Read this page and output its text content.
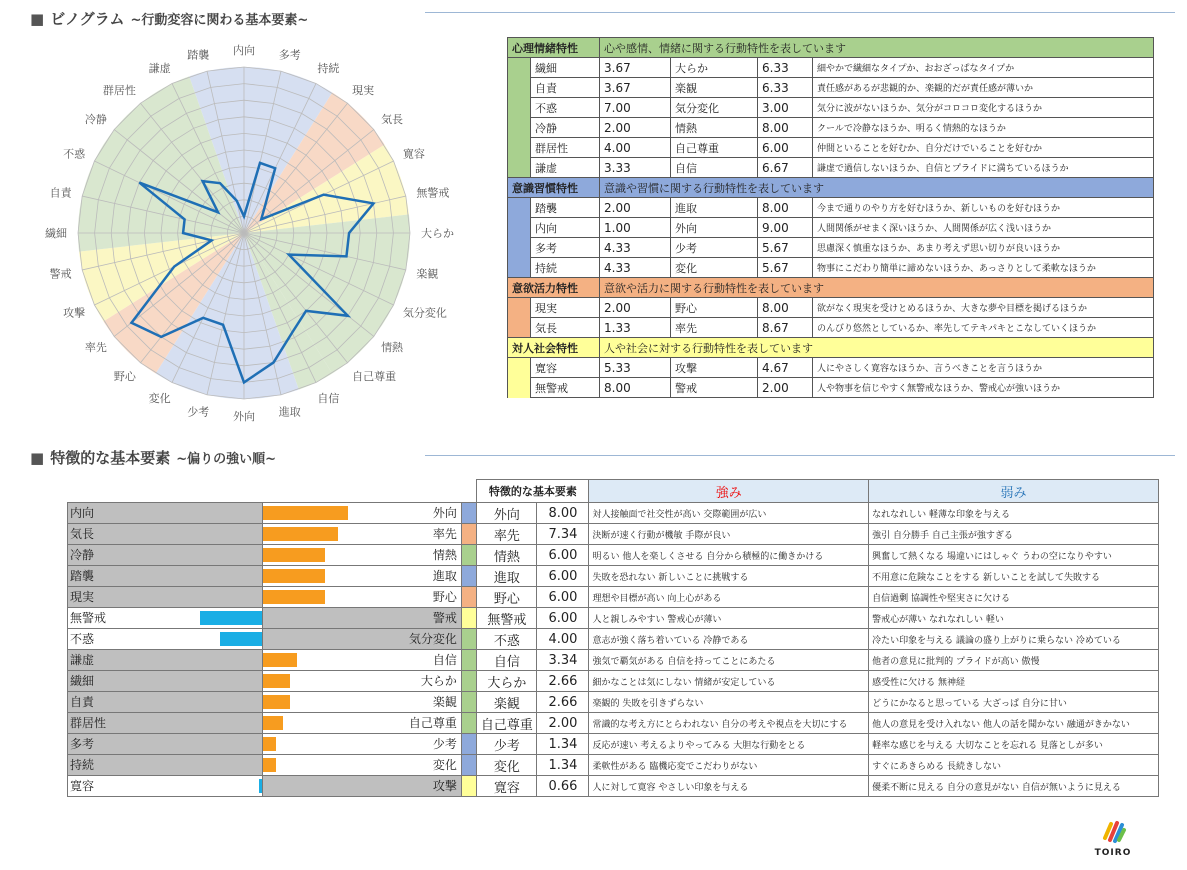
■ ビノグラム ~行動変容に関わる基本要素~
内向 多考
持続
現実
気長
寛容
無警戒
大らか
楽観
気分変化
情熱
自己尊重
自信
進取
外向
少考
変化
野心
率先
攻撃
警戒
繊細
自責
不惑
冷静
群居性
謙虚
踏襲
心理情緒特性		心や感情、情緒に関する行動特性を表しています			
	繊細	3.67	大らか	6.33	細やかで繊細なタイプか、おおざっぱなタイプか
	自責	3.67	楽観	6.33	責任感があるが悲観的か、楽観的だが責任感が薄いか
	不惑	7.00	気分変化	3.00	気分に波がないほうか、気分がコロコロ変化するほうか
	冷静	2.00	情熱	8.00	クールで冷静なほうか、明るく情熱的なほうか
	群居性	4.00	自己尊重	6.00	仲間といることを好むか、自分だけでいることを好むか
	謙虚	3.33	自信	6.67	謙虚で過信しないほうか、自信とプライドに満ちているほうか
意識習慣特性		意識や習慣に関する行動特性を表しています			
	踏襲	2.00	進取	8.00	今まで通りのやり方を好むほうか、新しいものを好むほうか
	内向	1.00	外向	9.00	人間関係がせまく深いほうか、人間関係が広く浅いほうか
	多考	4.33	少考	5.67	思慮深く慎重なほうか、あまり考えず思い切りが良いほうか
	持続	4.33	変化	5.67	物事にこだわり簡単に諦めないほうか、あっさりとして柔軟なほうか
意欲活力特性		意欲や活力に関する行動特性を表しています			
	現実	2.00	野心	8.00	欲がなく現実を受けとめるほうか、大きな夢や目標を掲げるほうか
	気長	1.33	率先	8.67	のんびり悠然としているか、率先してテキパキとこなしていくほうか
対人社会特性		人や社会に対する行動特性を表しています			
	寛容	5.33	攻撃	4.67	人にやさしく寛容なほうか、言うべきことを言うほうか
	無警戒	8.00	警戒	2.00	人や物事を信じやすく無警戒なほうか、警戒心が強いほうか
■ 特徴的な基本要素 ~偏りの強い順~
			特徴的な基本要素		強み	弱み

内向	外向		外向	8.00	対人接触面で社交性が高い 交際範囲が広い	なれなれしい 軽薄な印象を与える

気長	率先		率先	7.34	決断が速く行動が機敏 手際が良い	強引 自分勝手 自己主張が強すぎる

冷静	情熱		情熱	6.00	明るい 他人を楽しくさせる 自分から積極的に働きかける	興奮して熱くなる 場違いにはしゃぐ うわの空になりやすい

踏襲	進取		進取	6.00	失敗を恐れない 新しいことに挑戦する	不用意に危険なことをする 新しいことを試して失敗する

現実	野心		野心	6.00	理想や目標が高い 向上心がある	自信過剰 協調性や堅実さに欠ける

無警戒	警戒		無警戒	6.00	人と親しみやすい 警戒心が薄い	警戒心が薄い なれなれしい 軽い

不惑	気分変化		不惑	4.00	意志が強く落ち着いている 冷静である	冷たい印象を与える 議論の盛り上がりに乗らない 冷めている

謙虚	自信		自信	3.34	強気で覇気がある 自信を持ってことにあたる	他者の意見に批判的 プライドが高い 傲慢

繊細	大らか		大らか	2.66	細かなことは気にしない 情緒が安定している	感受性に欠ける 無神経

自責	楽観		楽観	2.66	楽観的 失敗を引きずらない	どうにかなると思っている 大ざっぱ 自分に甘い

群居性	自己尊重		自己尊重	2.00	常識的な考え方にとらわれない 自分の考えや視点を大切にする	他人の意見を受け入れない 他人の話を聞かない 融通がきかない

多考	少考		少考	1.34	反応が速い 考えるよりやってみる 大胆な行動をとる	軽率な感じを与える 大切なことを忘れる 見落としが多い

持続	変化		変化	1.34	柔軟性がある 臨機応変でこだわりがない	すぐにあきらめる 長続きしない

寛容	攻撃		寛容	0.66	人に対して寛容 やさしい印象を与える	優柔不断に見える 自分の意見がない 自信が無いように見える
TOIRO
